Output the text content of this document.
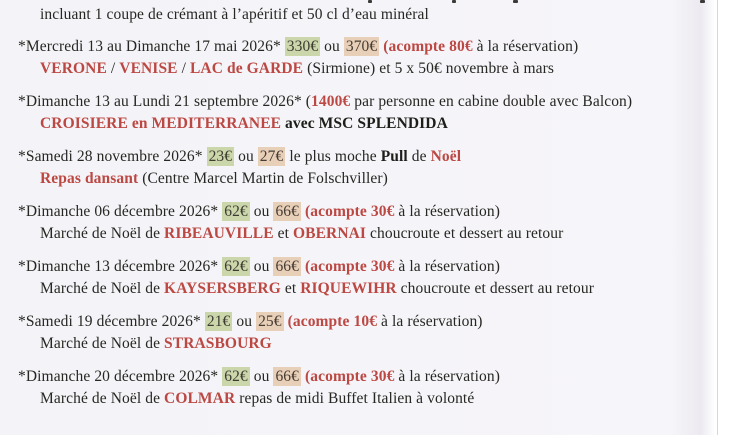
incluant 1 coupe de crémant à l’apéritif et 50 cl d’eau minéral
*Mercredi 13 au Dimanche 17 mai 2026* 330€ ou 370€ (acompte 80€ à la réservation)
VERONE / VENISE / LAC de GARDE (Sirmione) et 5 x 50€ novembre à mars
*Dimanche 13 au Lundi 21 septembre 2026* (1400€ par personne en cabine double avec Balcon)
CROISIERE en MEDITERRANEE avec MSC SPLENDIDA
*Samedi 28 novembre 2026* 23€ ou 27€ le plus moche Pull de Noël
Repas dansant (Centre Marcel Martin de Folschviller)
*Dimanche 06 décembre 2026* 62€ ou 66€ (acompte 30€ à la réservation)
Marché de Noël de RIBEAUVILLE et OBERNAI choucroute et dessert au retour
*Dimanche 13 décembre 2026* 62€ ou 66€ (acompte 30€ à la réservation)
Marché de Noël de KAYSERSBERG et RIQUEWIHR choucroute et dessert au retour
*Samedi 19 décembre 2026* 21€ ou 25€ (acompte 10€ à la réservation)
Marché de Noël de STRASBOURG
*Dimanche 20 décembre 2026* 62€ ou 66€ (acompte 30€ à la réservation)
Marché de Noël de COLMAR repas de midi Buffet Italien à volonté
